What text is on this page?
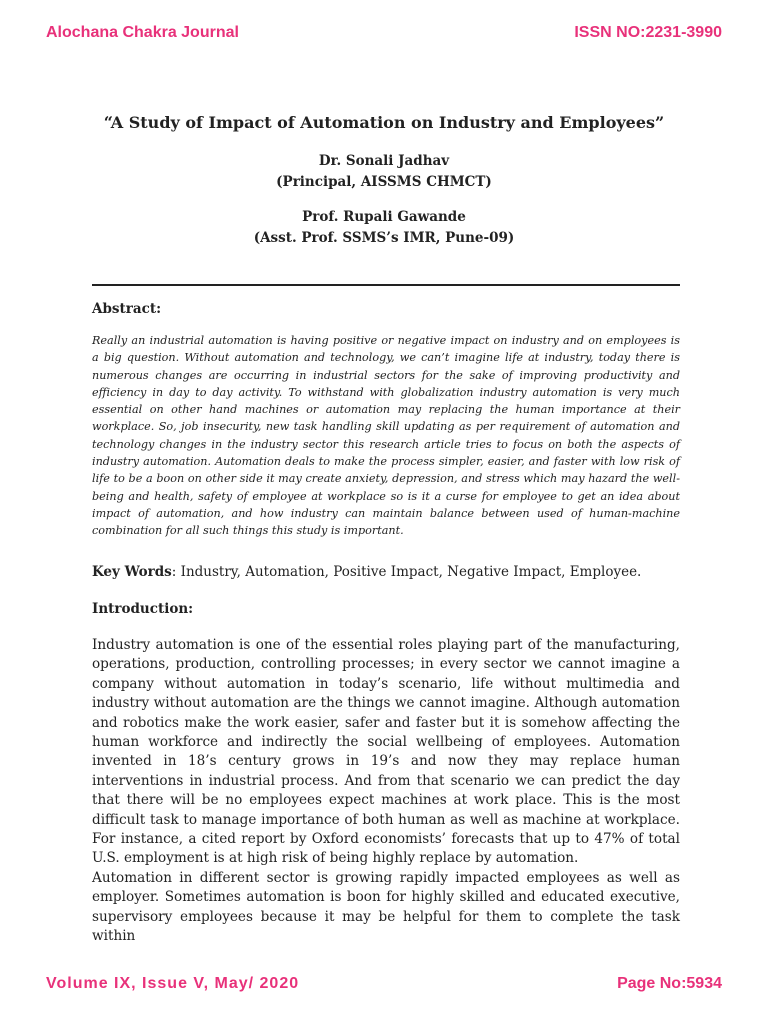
Alochana Chakra Journal	ISSN NO:2231-3990
“A Study of Impact of Automation on Industry and Employees”
Dr. Sonali Jadhav
(Principal, AISSMS CHMCT)
Prof. Rupali Gawande
(Asst. Prof. SSMS’s IMR, Pune-09)
Abstract:

Really an industrial automation is having positive or negative impact on industry and on employees is a big question. Without automation and technology, we can’t imagine life at industry, today there is numerous changes are occurring in industrial sectors for the sake of improving productivity and efficiency in day to day activity. To withstand with globalization industry automation is very much essential on other hand machines or automation may replacing the human importance at their workplace. So, job insecurity, new task handling skill updating as per requirement of automation and technology changes in the industry sector this research article tries to focus on both the aspects of industry automation. Automation deals to make the process simpler, easier, and faster with low risk of life to be a boon on other side it may create anxiety, depression, and stress which may hazard the well-being and health, safety of employee at workplace so is it a curse for employee to get an idea about impact of automation, and how industry can maintain balance between used of human-machine combination for all such things this study is important.

Key Words: Industry, Automation, Positive Impact, Negative Impact, Employee.
Introduction:

Industry automation is one of the essential roles playing part of the manufacturing, operations, production, controlling processes; in every sector we cannot imagine a company without automation in today’s scenario, life without multimedia and industry without automation are the things we cannot imagine. Although automation and robotics make the work easier, safer and faster but it is somehow affecting the human workforce and indirectly the social wellbeing of employees. Automation invented in 18’s century grows in 19’s and now they may replace human interventions in industrial process. And from that scenario we can predict the day that there will be no employees expect machines at work place. This is the most difficult task to manage importance of both human as well as machine at workplace. For instance, a cited report by Oxford economists’ forecasts that up to 47% of total U.S. employment is at high risk of being highly replace by automation.

Automation in different sector is growing rapidly impacted employees as well as employer. Sometimes automation is boon for highly skilled and educated executive, supervisory employees because it may be helpful for them to complete the task within

Volume IX, Issue V, May/ 2020	Page No:5934
